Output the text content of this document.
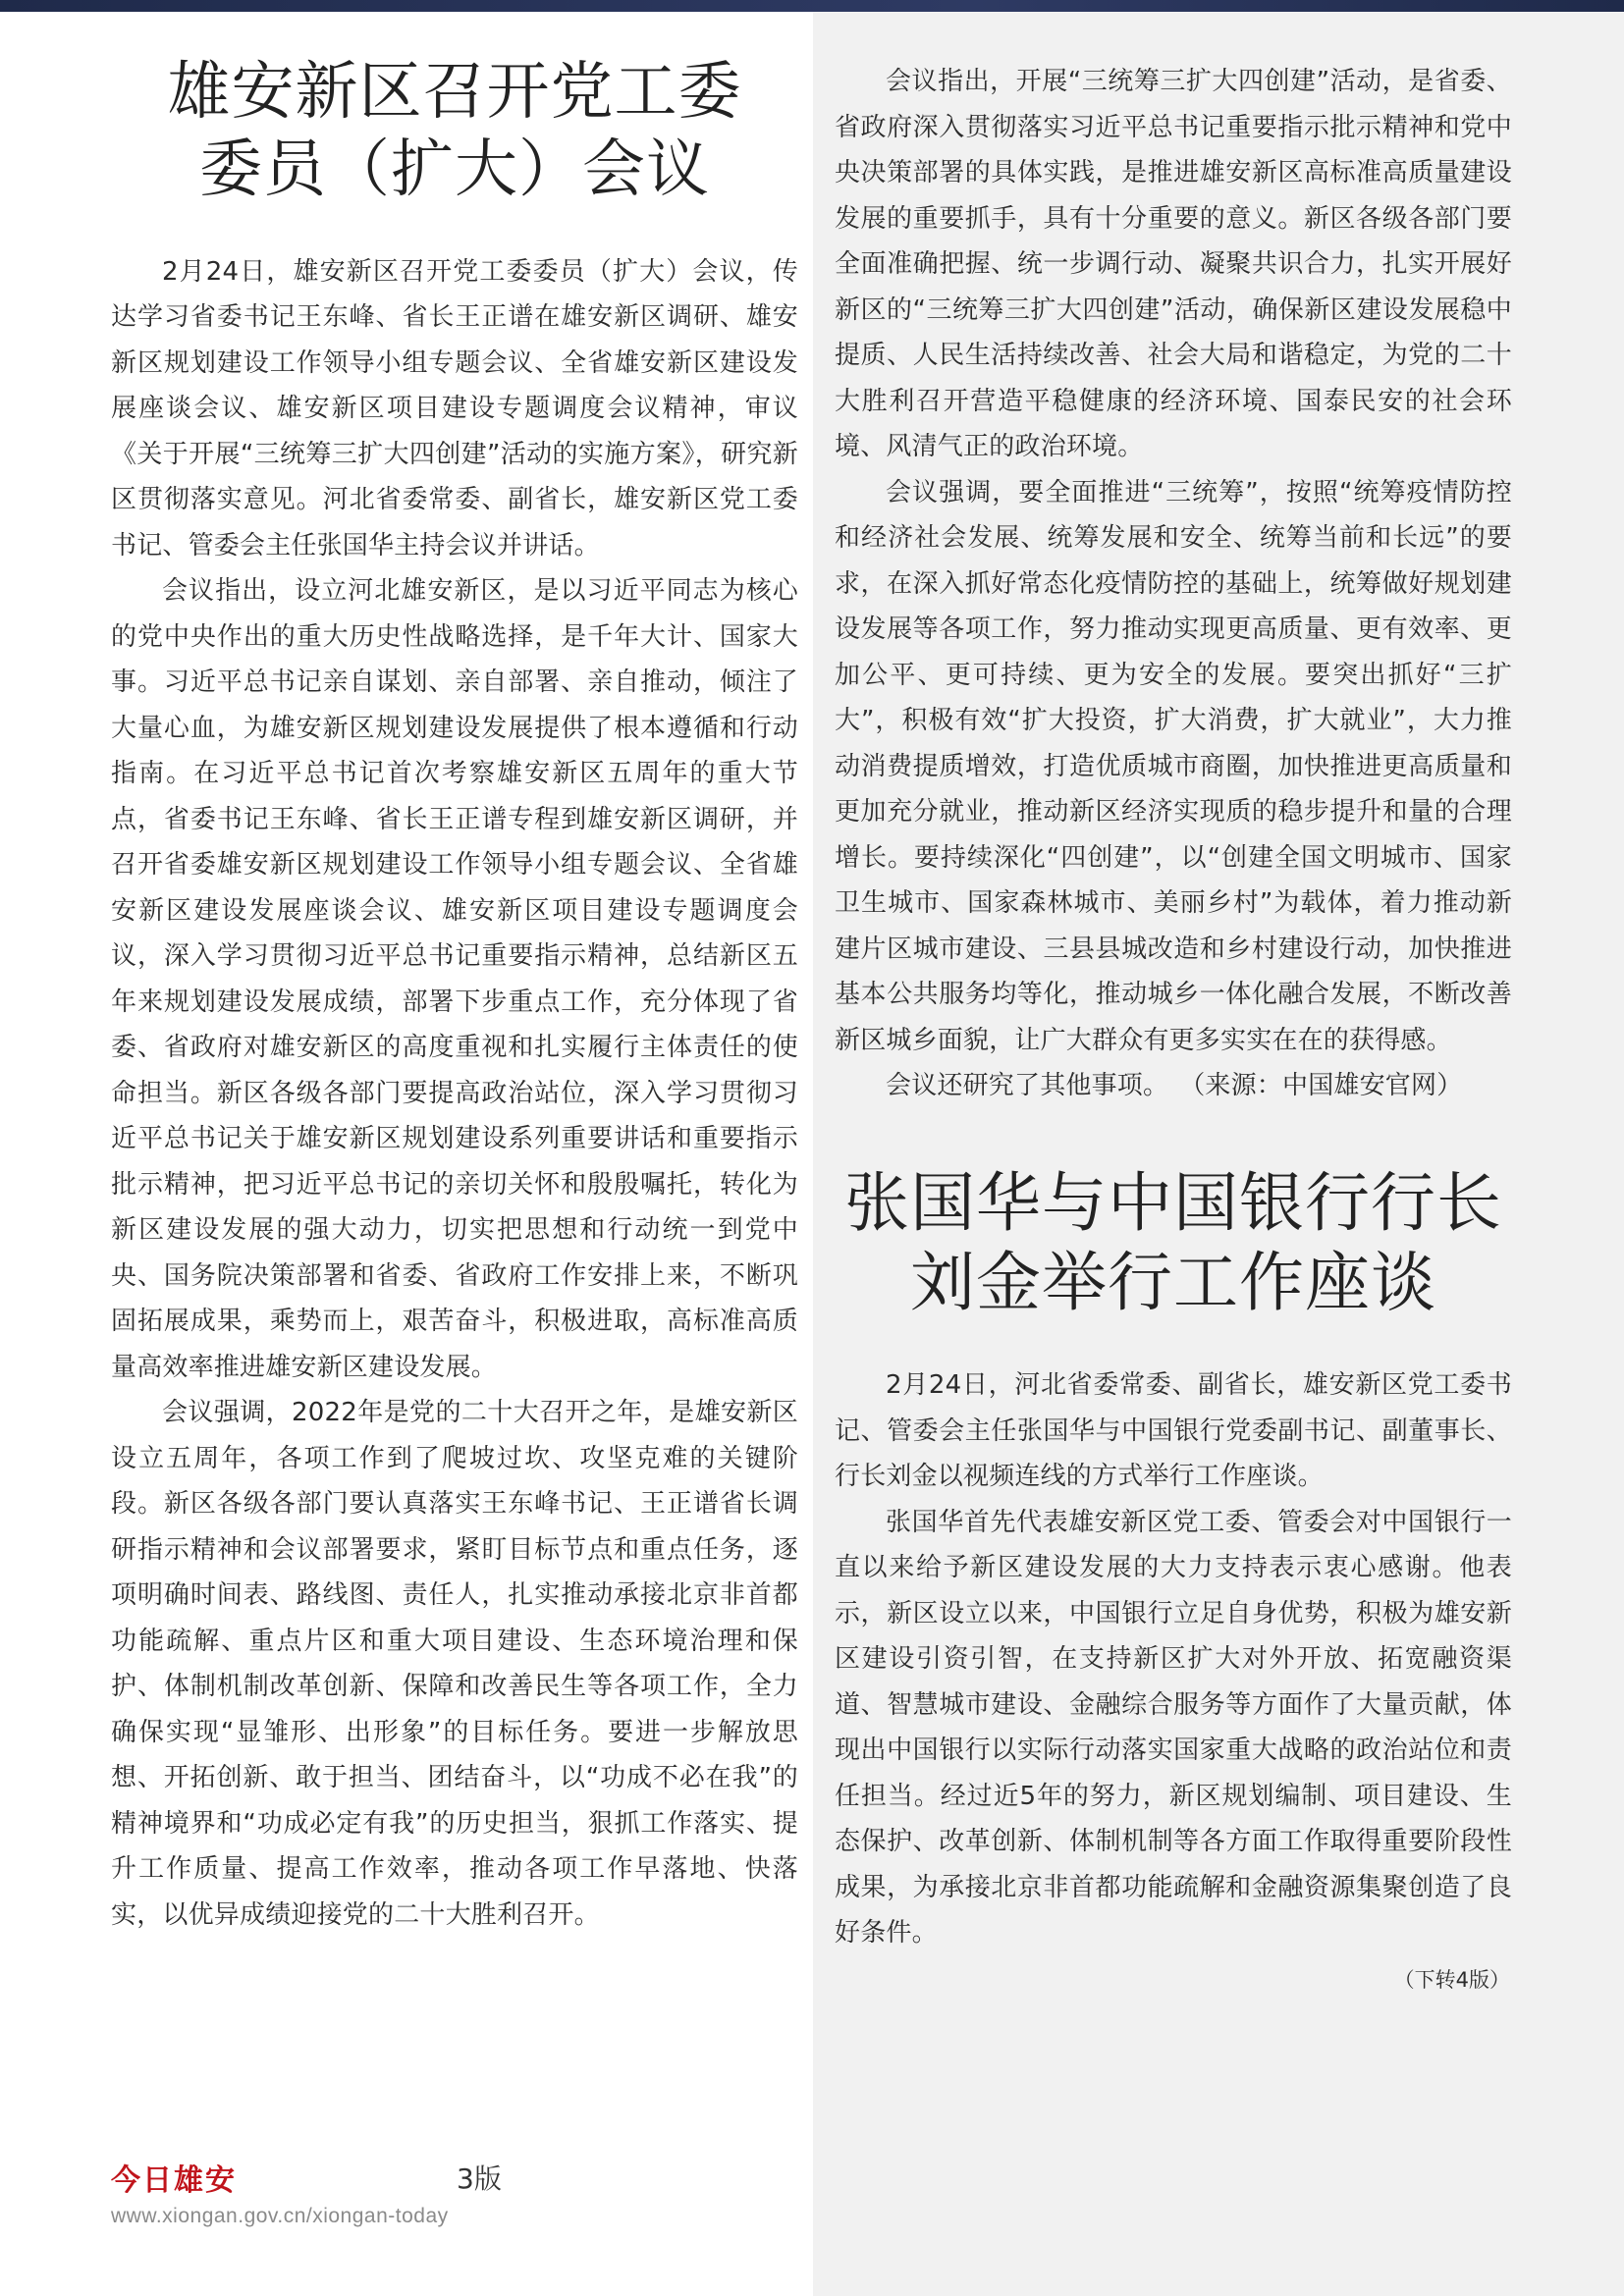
雄安新区召开党工委
委员（扩大）会议

2月24日，雄安新区召开党工委委员（扩大）会议，传达学习省委书记王东峰、省长王正谱在雄安新区调研、雄安新区规划建设工作领导小组专题会议、全省雄安新区建设发展座谈会议、雄安新区项目建设专题调度会议精神，审议《关于开展“三统筹三扩大四创建”活动的实施方案》，研究新区贯彻落实意见。河北省委常委、副省长，雄安新区党工委书记、管委会主任张国华主持会议并讲话。

会议指出，设立河北雄安新区，是以习近平同志为核心的党中央作出的重大历史性战略选择，是千年大计、国家大事。习近平总书记亲自谋划、亲自部署、亲自推动，倾注了大量心血，为雄安新区规划建设发展提供了根本遵循和行动指南。在习近平总书记首次考察雄安新区五周年的重大节点，省委书记王东峰、省长王正谱专程到雄安新区调研，并召开省委雄安新区规划建设工作领导小组专题会议、全省雄安新区建设发展座谈会议、雄安新区项目建设专题调度会议，深入学习贯彻习近平总书记重要指示精神，总结新区五年来规划建设发展成绩，部署下步重点工作，充分体现了省委、省政府对雄安新区的高度重视和扎实履行主体责任的使命担当。新区各级各部门要提高政治站位，深入学习贯彻习近平总书记关于雄安新区规划建设系列重要讲话和重要指示批示精神，把习近平总书记的亲切关怀和殷殷嘱托，转化为新区建设发展的强大动力，切实把思想和行动统一到党中央、国务院决策部署和省委、省政府工作安排上来，不断巩固拓展成果，乘势而上，艰苦奋斗，积极进取，高标准高质量高效率推进雄安新区建设发展。

会议强调，2022年是党的二十大召开之年，是雄安新区设立五周年，各项工作到了爬坡过坎、攻坚克难的关键阶段。新区各级各部门要认真落实王东峰书记、王正谱省长调研指示精神和会议部署要求，紧盯目标节点和重点任务，逐项明确时间表、路线图、责任人，扎实推动承接北京非首都功能疏解、重点片区和重大项目建设、生态环境治理和保护、体制机制改革创新、保障和改善民生等各项工作，全力确保实现“显雏形、出形象”的目标任务。要进一步解放思想、开拓创新、敢于担当、团结奋斗，以“功成不必在我”的精神境界和“功成必定有我”的历史担当，狠抓工作落实、提升工作质量、提高工作效率，推动各项工作早落地、快落实，以优异成绩迎接党的二十大胜利召开。

会议指出，开展“三统筹三扩大四创建”活动，是省委、省政府深入贯彻落实习近平总书记重要指示批示精神和党中央决策部署的具体实践，是推进雄安新区高标准高质量建设发展的重要抓手，具有十分重要的意义。新区各级各部门要全面准确把握、统一步调行动、凝聚共识合力，扎实开展好新区的“三统筹三扩大四创建”活动，确保新区建设发展稳中提质、人民生活持续改善、社会大局和谐稳定，为党的二十大胜利召开营造平稳健康的经济环境、国泰民安的社会环境、风清气正的政治环境。

会议强调，要全面推进“三统筹”，按照“统筹疫情防控和经济社会发展、统筹发展和安全、统筹当前和长远”的要求，在深入抓好常态化疫情防控的基础上，统筹做好规划建设发展等各项工作，努力推动实现更高质量、更有效率、更加公平、更可持续、更为安全的发展。要突出抓好“三扩大”，积极有效“扩大投资，扩大消费，扩大就业”，大力推动消费提质增效，打造优质城市商圈，加快推进更高质量和更加充分就业，推动新区经济实现质的稳步提升和量的合理增长。要持续深化“四创建”，以“创建全国文明城市、国家卫生城市、国家森林城市、美丽乡村”为载体，着力推动新建片区城市建设、三县县城改造和乡村建设行动，加快推进基本公共服务均等化，推动城乡一体化融合发展，不断改善新区城乡面貌，让广大群众有更多实实在在的获得感。

会议还研究了其他事项。 （来源：中国雄安官网）

张国华与中国银行行长
刘金举行工作座谈

2月24日，河北省委常委、副省长，雄安新区党工委书记、管委会主任张国华与中国银行党委副书记、副董事长、行长刘金以视频连线的方式举行工作座谈。

张国华首先代表雄安新区党工委、管委会对中国银行一直以来给予新区建设发展的大力支持表示衷心感谢。他表示，新区设立以来，中国银行立足自身优势，积极为雄安新区建设引资引智，在支持新区扩大对外开放、拓宽融资渠道、智慧城市建设、金融综合服务等方面作了大量贡献，体现出中国银行以实际行动落实国家重大战略的政治站位和责任担当。经过近5年的努力，新区规划编制、项目建设、生态保护、改革创新、体制机制等各方面工作取得重要阶段性成果，为承接北京非首都功能疏解和金融资源集聚创造了良好条件。

（下转4版）
今日雄安	3版
www.xiongan.gov.cn/xiongan-today
